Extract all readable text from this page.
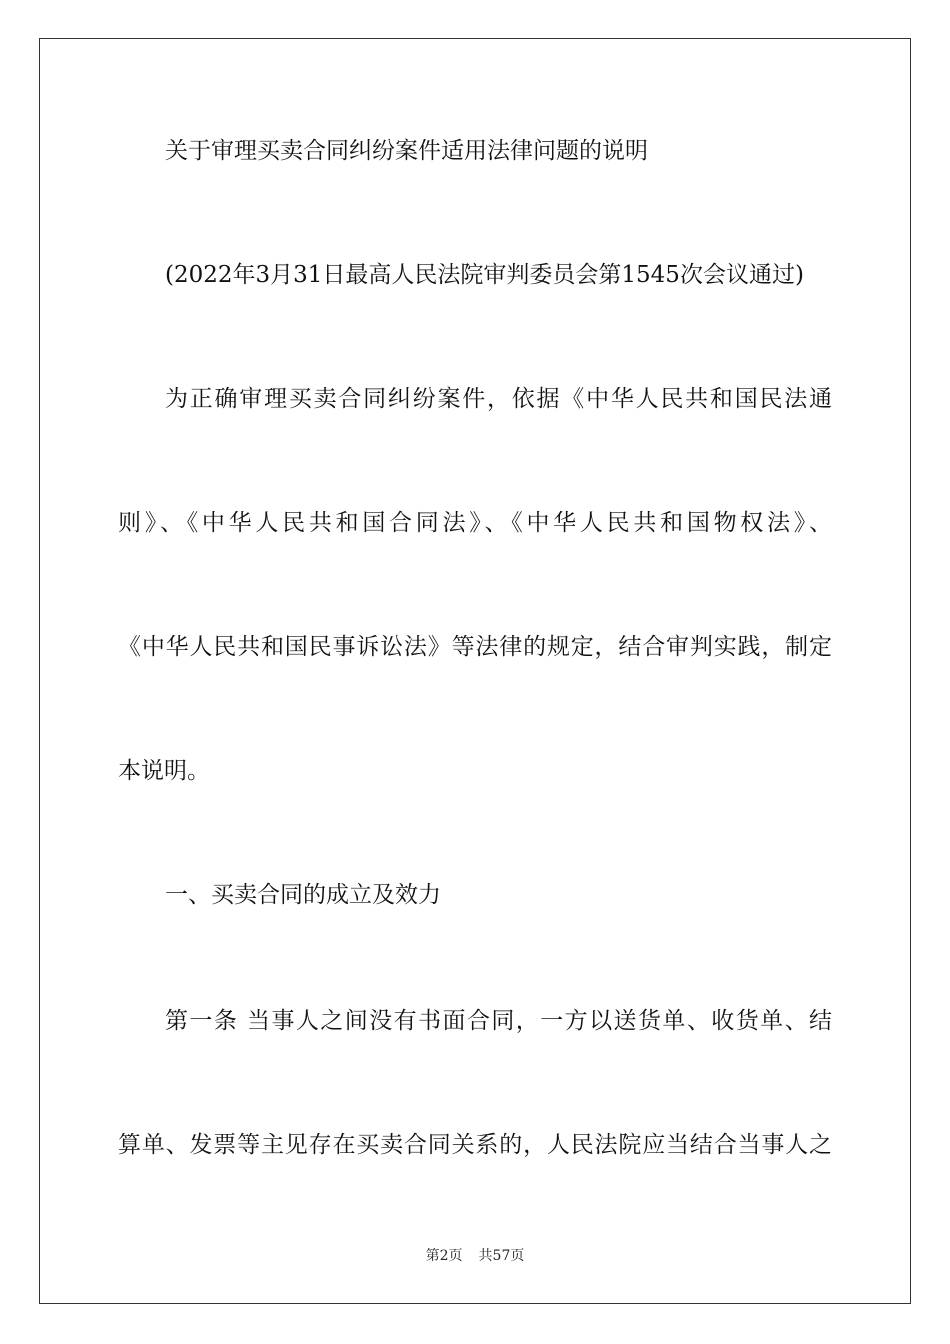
关于审理买卖合同纠纷案件适用法律问题的说明
(2022年3月31日最高人民法院审判委员会第1545次会议通过)
为正确审理买卖合同纠纷案件，依据《中华人民共和国民法通
则》、《中华人民共和国合同法》、《中华人民共和国物权法》、
《中华人民共和国民事诉讼法》等法律的规定，结合审判实践，制定
本说明。
一、买卖合同的成立及效力
第一条 当事人之间没有书面合同，一方以送货单、收货单、结
算单、发票等主见存在买卖合同关系的，人民法院应当结合当事人之
第2页 共57页
